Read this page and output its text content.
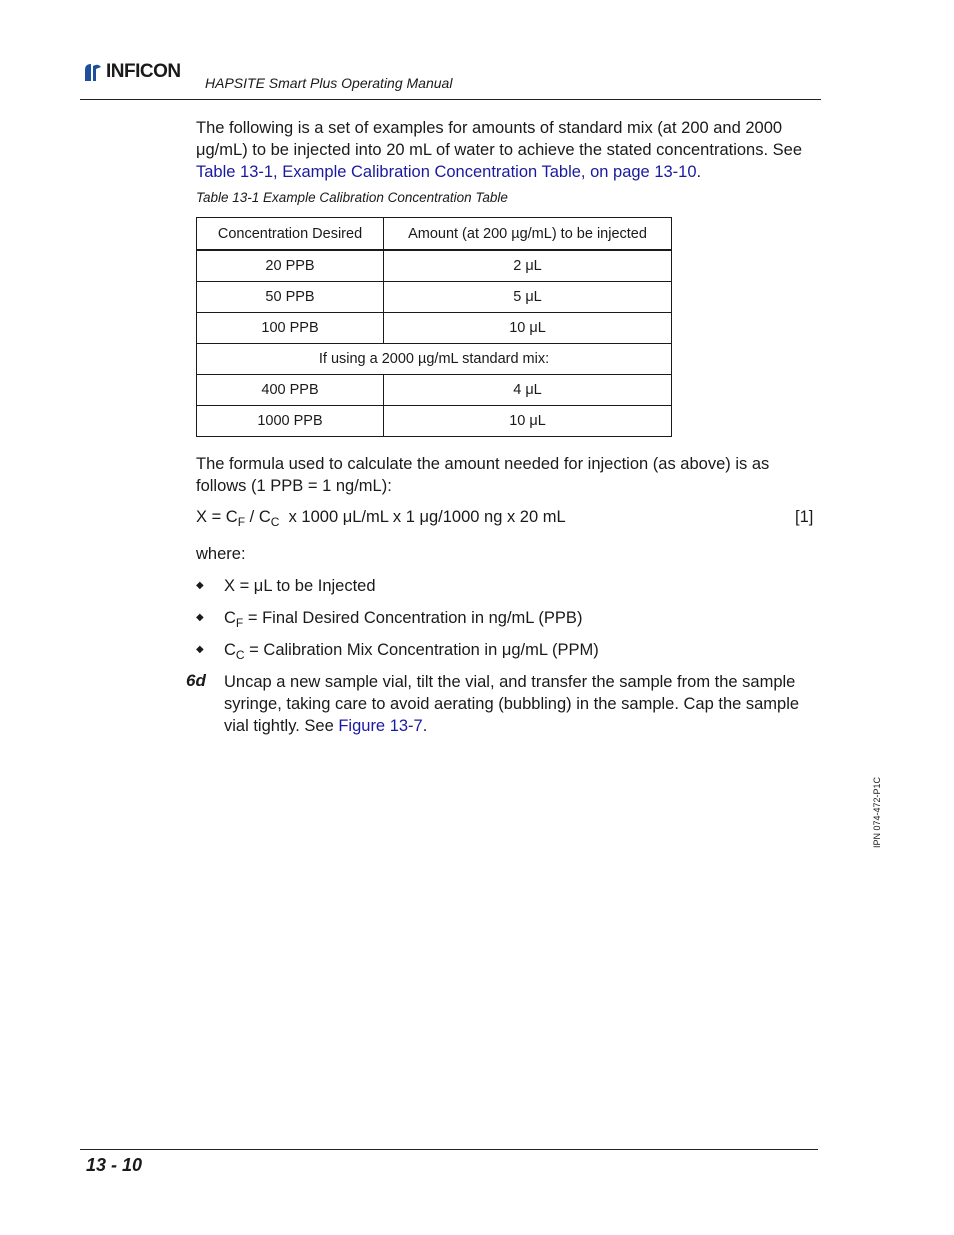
INFICON
HAPSITE Smart Plus Operating Manual
The following is a set of examples for amounts of standard mix (at 200 and 2000 μg/mL) to be injected into 20 mL of water to achieve the stated concentrations. See Table 13-1, Example Calibration Concentration Table, on page 13-10.
Table 13-1 Example Calibration Concentration Table
Concentration Desired	Amount (at 200 µg/mL) to be injected
20 PPB	2 μL
50 PPB	5 μL
100 PPB	10 μL
If using a 2000 µg/mL standard mix:	
400 PPB	4 μL
1000 PPB	10 μL
The formula used to calculate the amount needed for injection (as above) is as follows (1 PPB = 1 ng/mL):
$X = C_F / C_C$  x 1000 μL/mL x 1 μg/1000 ng x 20 mL	[1]
where:
◆	X = μL to be Injected
◆	$C_F$ = Final Desired Concentration in ng/mL (PPB)
◆	$C_C$ = Calibration Mix Concentration in μg/mL (PPM)
6d Uncap a new sample vial, tilt the vial, and transfer the sample from the sample syringe, taking care to avoid aerating (bubbling) in the sample. Cap the sample vial tightly. See Figure 13-7.
IPN 074-472-P1C
13 - 10
